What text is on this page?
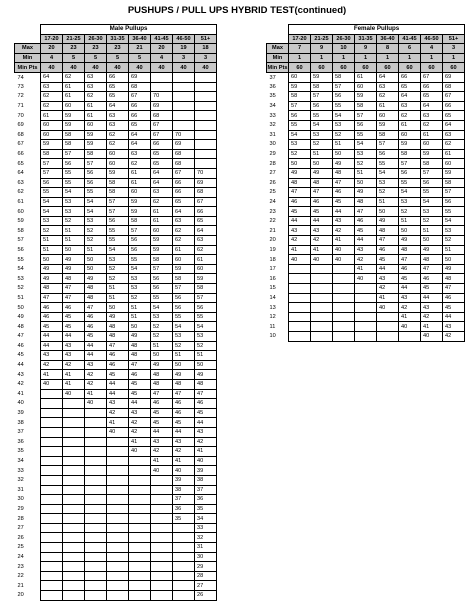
PUSHUPS / PULL UPS HYBRID TEST(continued)
	Male Pullups							
	17-20	21-25	26-30	31-35	36-40	41-45	46-50	51+
Max	20	23	23	23	21	20	19	18
Min	4	5	5	5	5	4	3	3
Min Pts	40	40	40	40	40	40	40	40
74	64	62	63	66	69			
73	63	61	63	65	68			
72	62	61	62	65	67	70		
71	62	60	61	64	66	69		
70	61	59	61	63	66	68		
69	60	59	60	63	65	67		
68	60	58	59	62	64	67	70	
67	59	58	59	62	64	66	69	
66	58	57	58	60	63	65	68	
65	57	56	57	60	62	65	68	
64	57	55	56	59	61	64	67	70
63	56	55	56	58	61	64	66	69
62	55	54	55	58	60	63	66	68
61	54	53	54	57	59	62	65	67
60	54	53	54	57	59	61	64	66
59	53	52	53	56	58	61	63	65
58	52	51	52	55	57	60	62	64
57	51	51	52	55	56	59	62	63
56	51	50	51	54	56	59	61	62
55	50	49	50	53	55	58	60	61
54	49	49	50	52	54	57	59	60
53	49	48	49	52	53	56	58	59
52	48	47	48	51	53	56	57	58
51	47	47	48	51	52	55	56	57
50	46	46	47	50	51	54	56	56
49	46	45	46	49	51	53	55	55
48	45	45	46	48	50	52	54	54
47	44	44	45	48	49	52	53	53
46	44	43	44	47	48	51	52	52
45	43	43	44	46	48	50	51	51
44	42	42	43	46	47	49	50	50
43	41	41	42	45	46	48	49	49
42	40	41	42	44	45	48	48	48
41		40	41	44	45	47	47	47
40			40	43	44	46	46	46
39				42	43	45	46	45
38				41	42	45	45	44
37				40	42	44	44	43
36					41	43	43	42
35					40	42	42	41
34						41	41	40
33						40	40	39
32							39	38
31							38	37
30							37	36
29							36	35
28							35	34
27								33
26								32
25								31
24								30
23								29
22								28
21								27
20								26
	Female Pullups							
	17-20	21-25	26-30	31-35	36-40	41-45	46-50	51+
Max	7	9	10	9	8	6	4	3
Min	1	1	1	1	1	1	1	1
Min Pts	60	60	60	60	60	60	60	60
37	60	59	58	61	64	66	67	69
36	59	58	57	60	63	65	66	68
35	58	57	56	59	62	64	65	67
34	57	56	55	58	61	63	64	66
33	56	55	54	57	60	62	63	65
32	55	54	53	56	59	61	62	64
31	54	53	52	55	58	60	61	63
30	53	52	51	54	57	59	60	62
29	52	51	50	53	56	58	59	61
28	50	50	49	52	55	57	58	60
27	49	49	48	51	54	56	57	59
26	48	48	47	50	53	55	56	58
25	47	47	46	49	52	54	55	57
24	46	46	45	48	51	53	54	56
23	45	45	44	47	50	52	53	55
22	44	44	43	46	49	51	52	54
21	43	43	42	45	48	50	51	53
20	42	42	41	44	47	49	50	52
19	41	41	40	43	46	48	49	51
18	40	40	40	42	45	47	48	50
17				41	44	46	47	49
16				40	43	45	46	48
15					42	44	45	47
14					41	43	44	46
13					40	42	43	45
12						41	42	44
11						40	41	43
10							40	42
